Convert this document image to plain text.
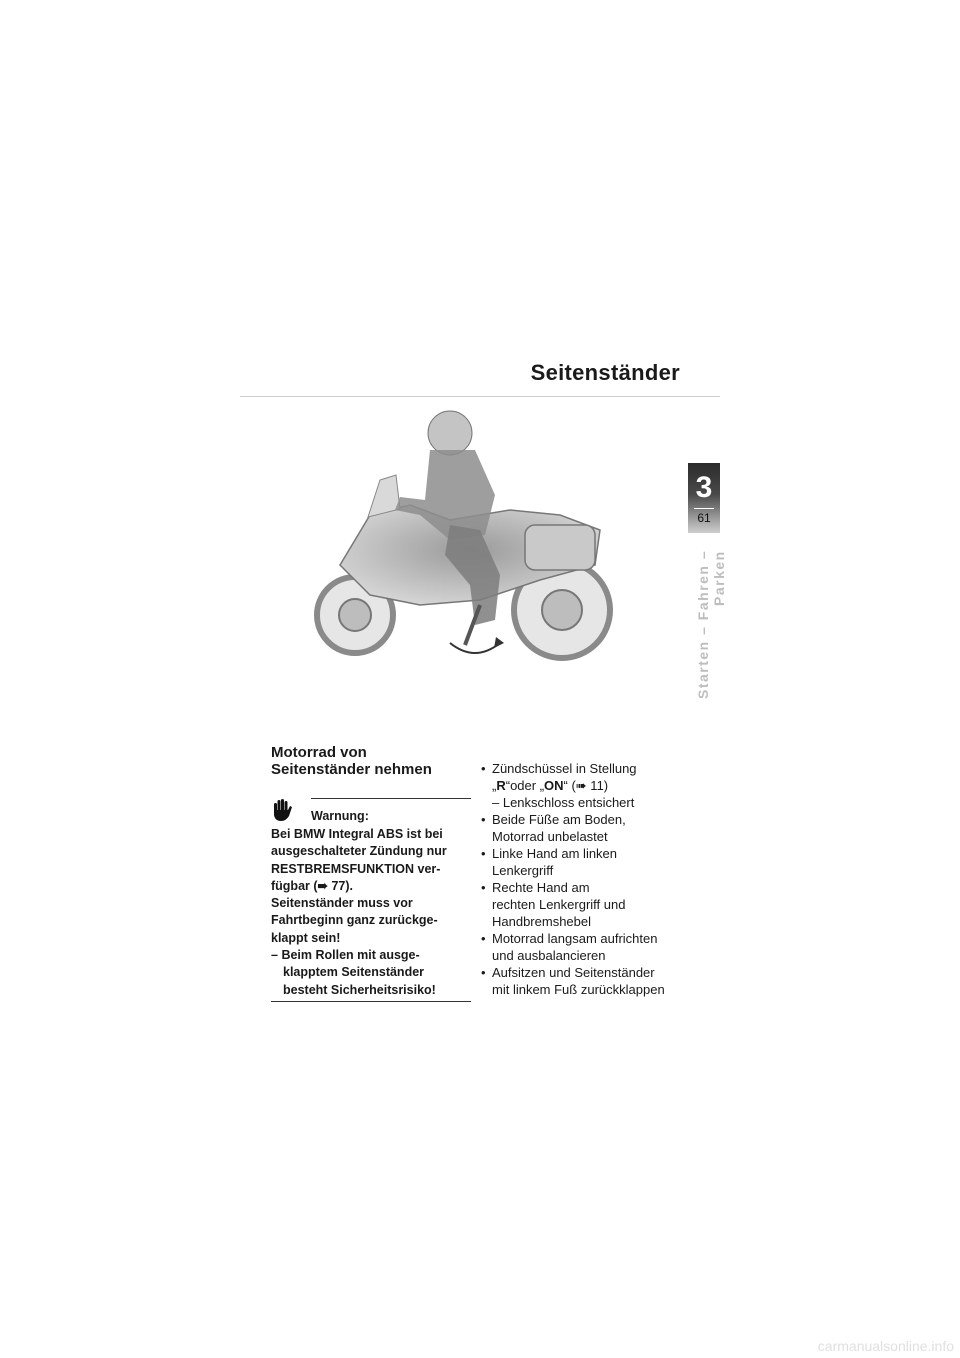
Seitenständer
3
61
Starten – Fahren – Parken
Motorrad von
Seitenständer nehmen
Warnung:
Bei BMW Integral ABS ist bei
ausgeschalteter Zündung nur
RESTBREMSFUNKTION ver-
fügbar (➠ 77).
Seitenständer muss vor
Fahrtbeginn ganz zurückge-
klappt sein!
– Beim Rollen mit ausge-
klapptem Seitenständer
besteht Sicherheitsrisiko!
• Zündschüssel in Stellung
„R“oder „ON“ (➠ 11)
– Lenkschloss entsichert
• Beide Füße am Boden,
Motorrad unbelastet
• Linke Hand am linken
Lenkergriff
• Rechte Hand am
rechten Lenkergriff und
Handbremshebel
• Motorrad langsam aufrichten
und ausbalancieren
• Aufsitzen und Seitenständer
mit linkem Fuß zurückklappen
carmanualsonline.info
